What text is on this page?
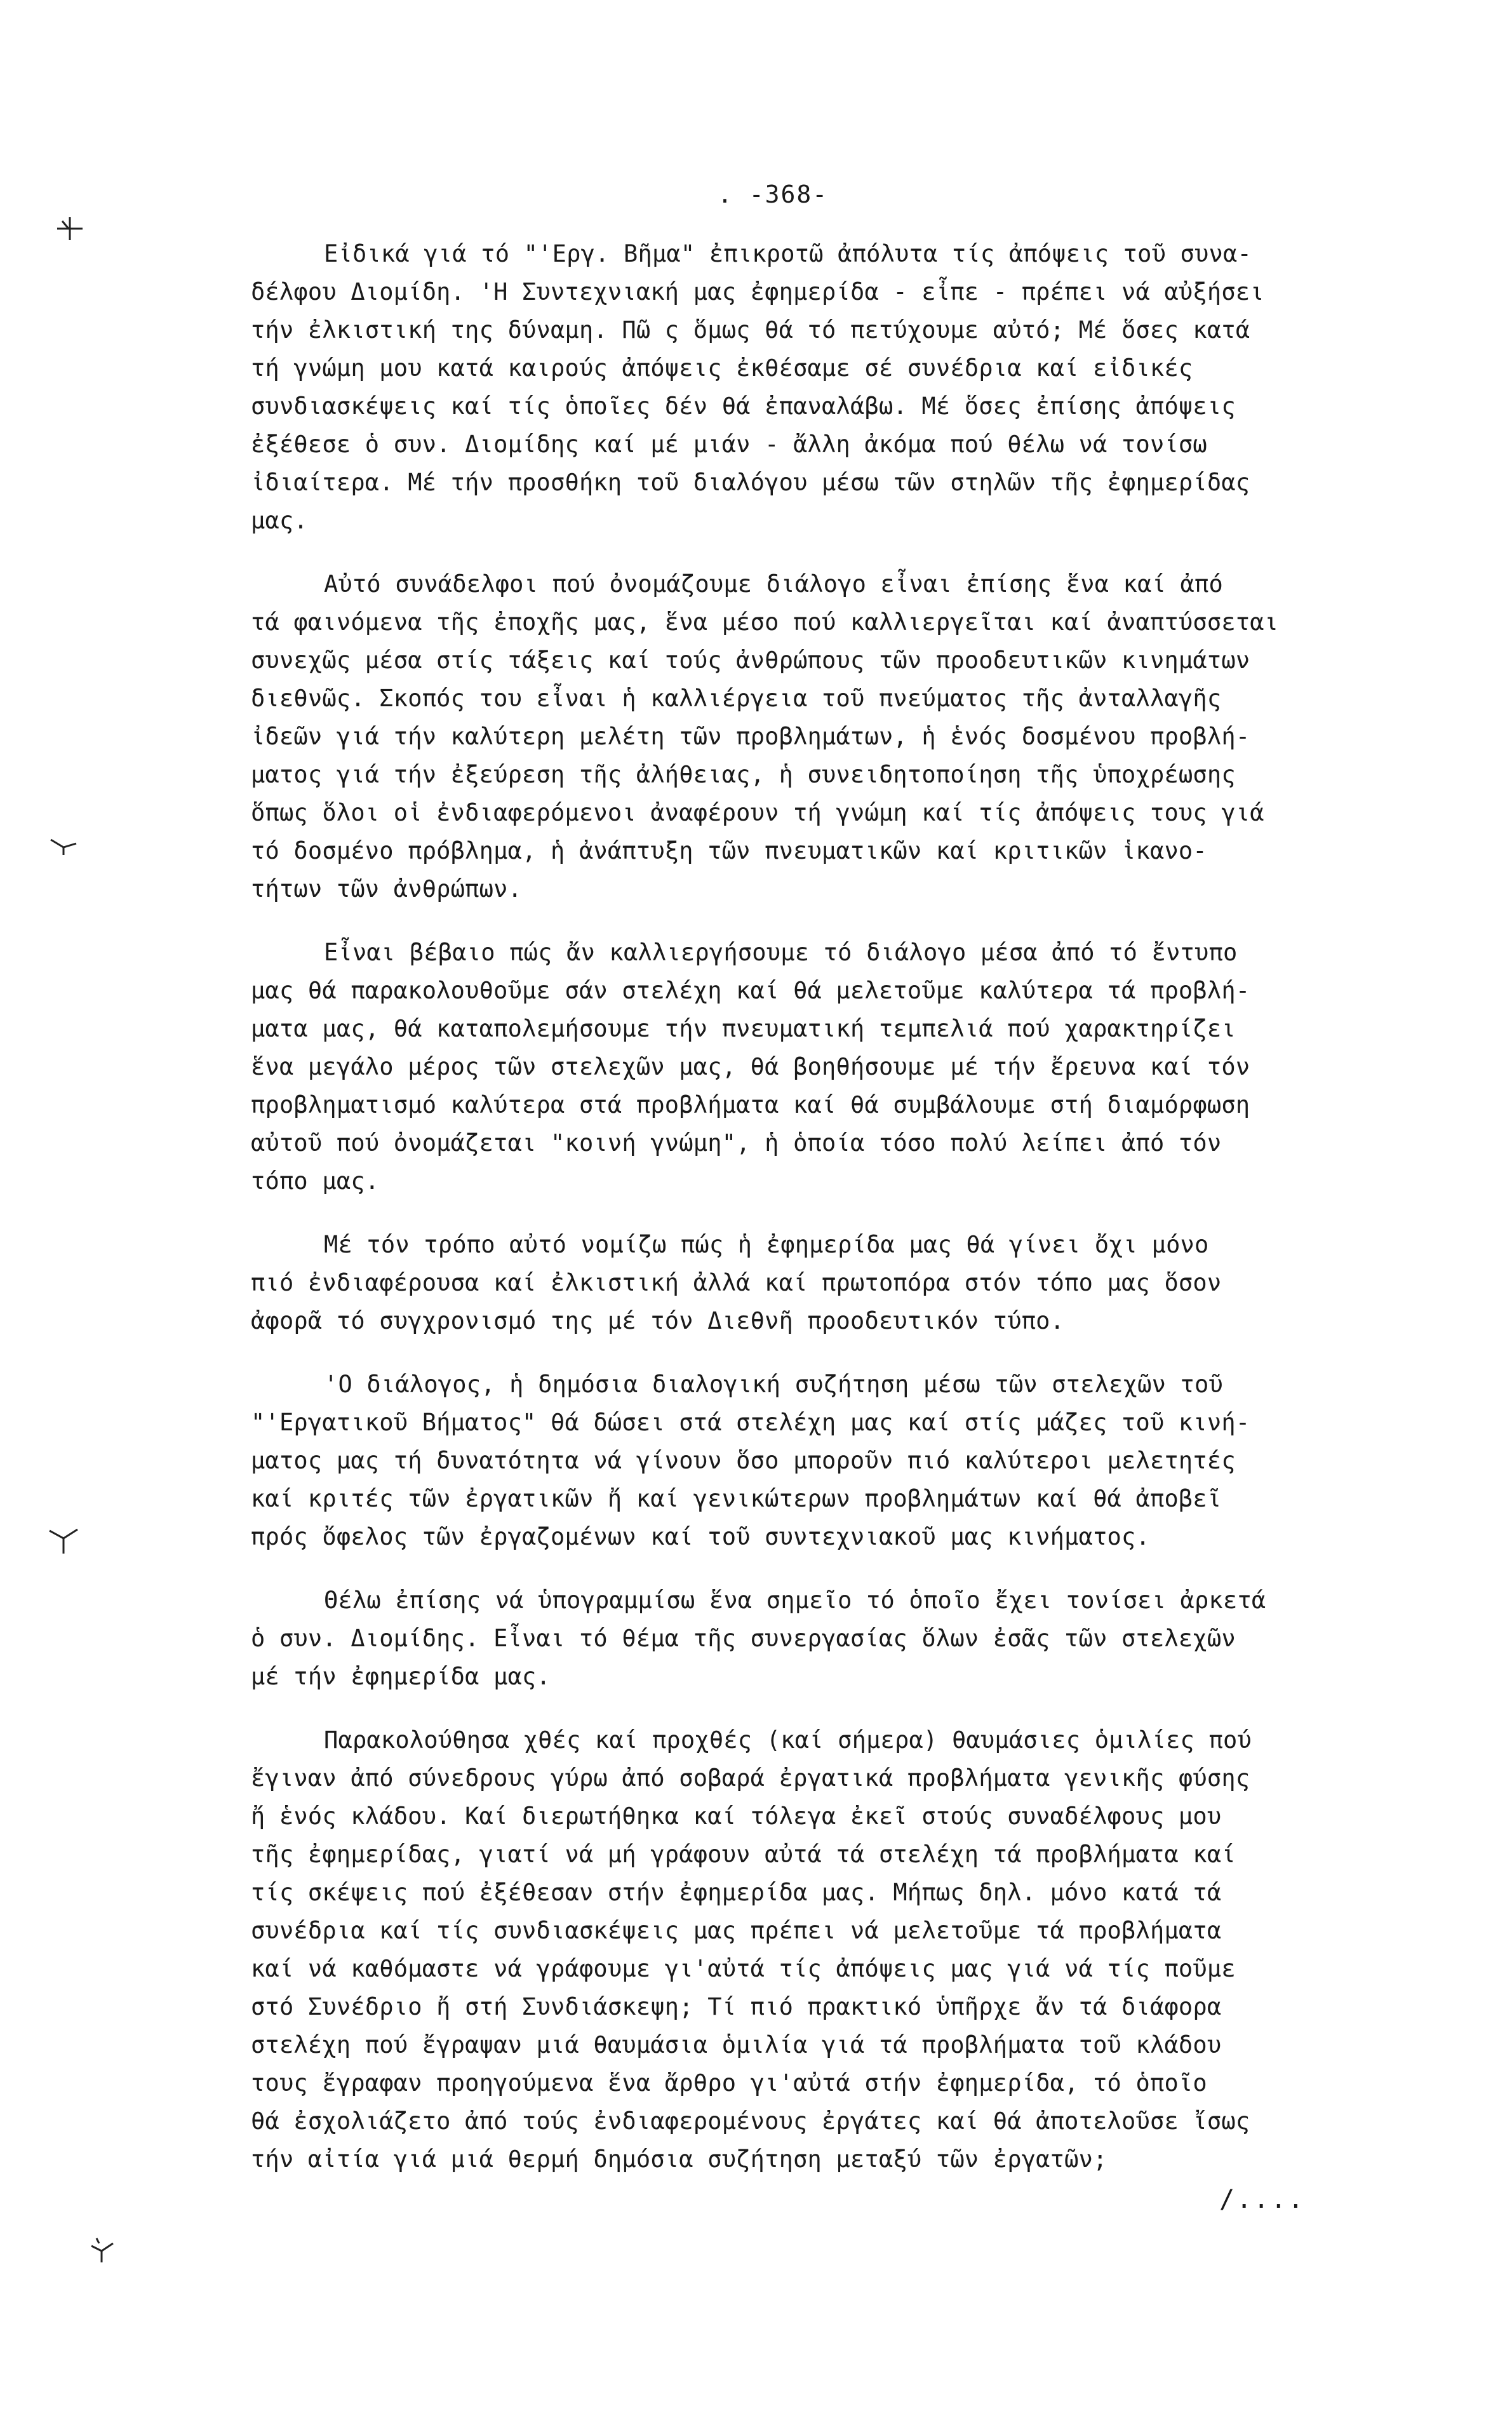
. -368-
Eἰδικά γιά τό "'Εργ. Bῆμα" ἐπικροτῶ ἀπόλυτα τίς ἀπόψεις τοῦ συνα-
δέλφου Διομίδη. 'Η Συντεχνιακή μας ἐφημερίδα - εἶπε - πρέπει νά αὐξήσει
τήν ἐλκιστική της δύναμη. Πῶ ς ὅμως θά τό πετύχουμε αὐτό; Mέ ὅσες κατά
τή γνώμη μου κατά καιρούς ἀπόψεις ἐκθέσαμε σέ συνέδρια καί εἰδικές
συνδιασκέψεις καί τίς ὁποῖες δέν θά ἐπαναλάβω. Mέ ὅσες ἐπίσης ἀπόψεις
ἐξέθεσε ὁ συν. Διομίδης καί μέ μιάν - ἄλλη ἀκόμα πού θέλω νά τονίσω
ἰδιαίτερα. Mέ τήν προσθήκη τοῦ διαλόγου μέσω τῶν στηλῶν τῆς ἐφημερίδας
μας.
Aὐτό συνάδελφοι πού ὀνομάζουμε διάλογο εἶναι ἐπίσης ἕνα καί ἀπό
τά φαινόμενα τῆς ἐποχῆς μας, ἕνα μέσο πού καλλιεργεῖται καί ἀναπτύσσεται
συνεχῶς μέσα στίς τάξεις καί τούς ἀνθρώπους τῶν προοδευτικῶν κινημάτων
διεθνῶς. Σκοπός του εἶναι ἡ καλλιέργεια τοῦ πνεύματος τῆς ἀνταλλαγῆς
ἰδεῶν γιά τήν καλύτερη μελέτη τῶν προβλημάτων, ἡ ἑνός δοσμένου προβλή-
ματος γιά τήν ἐξεύρεση τῆς ἀλήθειας, ἡ συνειδητοποίηση τῆς ὑποχρέωσης
ὅπως ὅλοι οἱ ἐνδιαφερόμενοι ἀναφέρουν τή γνώμη καί τίς ἀπόψεις τους γιά
τό δοσμένο πρόβλημα, ἡ ἀνάπτυξη τῶν πνευματικῶν καί κριτικῶν ἱκανο-
τήτων τῶν ἀνθρώπων.
Eἶναι βέβαιο πώς ἄν καλλιεργήσουμε τό διάλογο μέσα ἀπό τό ἔντυπο
μας θά παρακολουθοῦμε σάν στελέχη καί θά μελετοῦμε καλύτερα τά προβλή-
ματα μας, θά καταπολεμήσουμε τήν πνευματική τεμπελιά πού χαρακτηρίζει
ἕνα μεγάλο μέρος τῶν στελεχῶν μας, θά βοηθήσουμε μέ τήν ἔρευνα καί τόν
προβληματισμό καλύτερα στά προβλήματα καί θά συμβάλουμε στή διαμόρφωση
αὐτοῦ πού ὀνομάζεται "κοινή γνώμη", ἡ ὁποία τόσο πολύ λείπει ἀπό τόν
τόπο μας.
Mέ τόν τρόπο αὐτό νομίζω πώς ἡ ἐφημερίδα μας θά γίνει ὄχι μόνο
πιό ἐνδιαφέρουσα καί ἐλκιστική ἀλλά καί πρωτοπόρα στόν τόπο μας ὅσον
ἀφορᾶ τό συγχρονισμό της μέ τόν Διεθνῆ προοδευτικόν τύπο.
'O διάλογος, ἡ δημόσια διαλογική συζήτηση μέσω τῶν στελεχῶν τοῦ
"'Eργατικοῦ Bήματος" θά δώσει στά στελέχη μας καί στίς μάζες τοῦ κινή-
ματος μας τή δυνατότητα νά γίνουν ὅσο μποροῦν πιό καλύτεροι μελετητές
καί κριτές τῶν ἐργατικῶν ἤ καί γενικώτερων προβλημάτων καί θά ἀποβεῖ
πρός ὄφελος τῶν ἐργαζομένων καί τοῦ συντεχνιακοῦ μας κινήματος.
Θέλω ἐπίσης νά ὑπογραμμίσω ἕνα σημεῖο τό ὁποῖο ἔχει τονίσει ἀρκετά
ὁ συν. Διομίδης. Eἶναι τό θέμα τῆς συνεργασίας ὅλων ἐσᾶς τῶν στελεχῶν
μέ τήν ἐφημερίδα μας.
Παρακολούθησα χθές καί προχθές (καί σήμερα) θαυμάσιες ὁμιλίες πού
ἔγιναν ἀπό σύνεδρους γύρω ἀπό σοβαρά ἐργατικά προβλήματα γενικῆς φύσης
ἤ ἑνός κλάδου. Kαί διερωτήθηκα καί τόλεγα ἐκεῖ στούς συναδέλφους μου
τῆς ἐφημερίδας, γιατί νά μή γράφουν αὐτά τά στελέχη τά προβλήματα καί
τίς σκέψεις πού ἐξέθεσαν στήν ἐφημερίδα μας. Mήπως δηλ. μόνο κατά τά
συνέδρια καί τίς συνδιασκέψεις μας πρέπει νά μελετοῦμε τά προβλήματα
καί νά καθόμαστε νά γράφουμε γι'αὐτά τίς ἀπόψεις μας γιά νά τίς ποῦμε
στό Συνέδριο ἤ στή Συνδιάσκεψη; Tί πιό πρακτικό ὑπῆρχε ἄν τά διάφορα
στελέχη πού ἔγραψαν μιά θαυμάσια ὁμιλία γιά τά προβλήματα τοῦ κλάδου
τους ἔγραφαν προηγούμενα ἕνα ἄρθρο γι'αὐτά στήν ἐφημερίδα, τό ὁποῖο
θά ἐσχολιάζετο ἀπό τούς ἐνδιαφερομένους ἐργάτες καί θά ἀποτελοῦσε ἴσως
τήν αἰτία γιά μιά θερμή δημόσια συζήτηση μεταξύ τῶν ἐργατῶν;
/....
